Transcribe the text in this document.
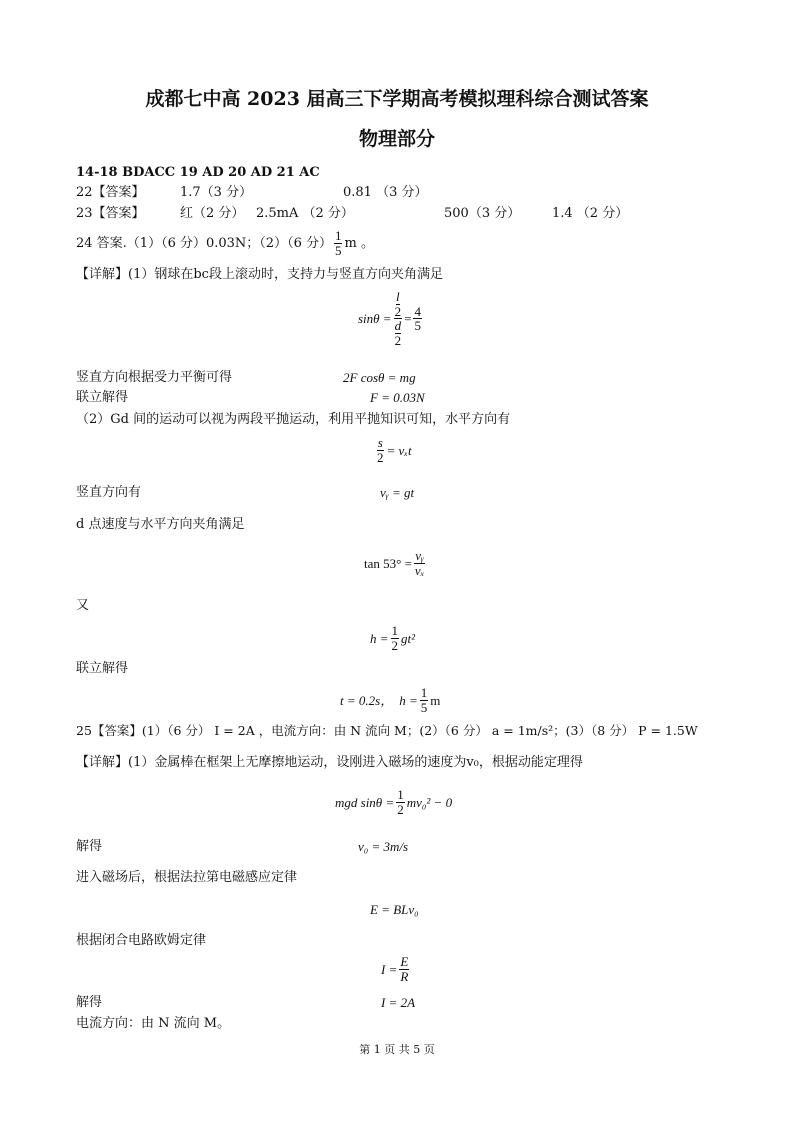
成都七中高 2023 届高三下学期高考模拟理科综合测试答案
物理部分
14-18 BDACC 19 AD 20 AD 21 AC
22【答案】	1.7（3 分）	0.81 （3 分）
23【答案】	红（2 分） 2.5mA （2 分）	500（3 分） 1.4 （2 分）
24 答案.（1）（6 分）0.03N；（2）（6 分） $\frac{1}{5}$ m 。
【详解】(1）钢球在bc段上滚动时，支持力与竖直方向夹角满足
sinθ = l
2
d
$2 = \frac{4}{5}$
竖直方向根据受力平衡可得	2F cosθ = mg
联立解得	F = 0.03N
（2）Gd 间的运动可以视为两段平抛运动，利用平抛知识可知，水平方向有
$\frac{s}{2} = v_xt$
竖直方向有	vᵧ = gt
d 点速度与水平方向夹角满足
$\tan 53^\circ = \frac{\text{vᵧ}}{\text{vₓ}}$
又
$h = \frac{1}{2} gt^2$
联立解得
t = 0.2s， $h = \frac{1}{5}$ m
25【答案】(1）（6 分） I = 2A ，电流方向：由 N 流向 M；(2）（6 分） a = 1m/s²；(3）（8 分） P = 1.5W
【详解】(1）金属棒在框架上无摩擦地运动，设刚进入磁场的速度为v₀，根据动能定理得
mgd $\sin\theta = \frac{1}{2} mv_0^2 - 0$
解得	v₀ = 3m/s
进入磁场后，根据法拉第电磁感应定律
E = BLv₀
根据闭合电路欧姆定律
$I = \frac{E}{R}$
解得	I = 2A
电流方向：由 N 流向 M。
第 1 页 共 5 页
